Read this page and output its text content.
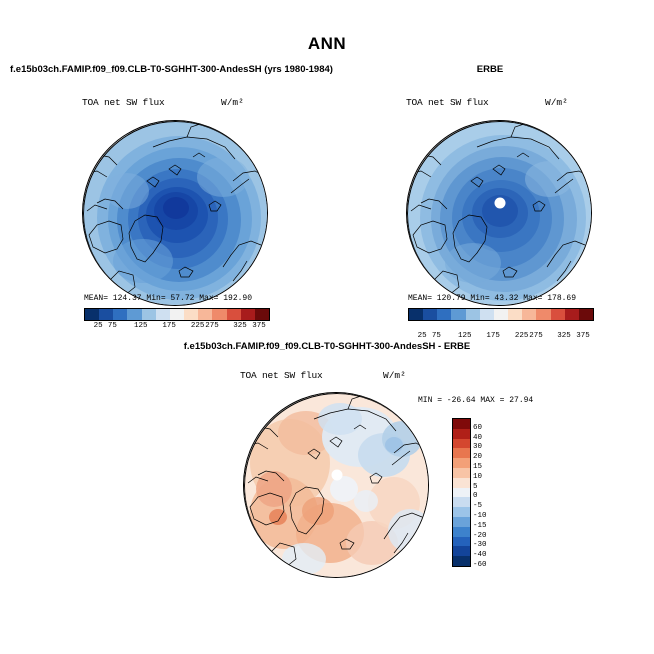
ANN
f.e15b03ch.FAMIP.f09_f09.CLB-T0-SGHHT-300-AndesSH (yrs 1980-1984)	ERBE
f.e15b03ch.FAMIP.f09_f09.CLB-T0-SGHHT-300-AndesSH - ERBE
TOA net SW flux	W/m²
MEAN= 124.37 Min= 57.72 Max= 192.90
25 75 125 175 225 275 325 375
TOA net SW flux	W/m²
MEAN= 120.79 Min= 43.32 Max= 178.69
25 75 125 175 225 275 325 375
TOA net SW flux	W/m²
MIN = -26.64 MAX = 27.94
60
40
30
20
15
10
5
0
-5
-10
-15
-20
-30
-40
-60
